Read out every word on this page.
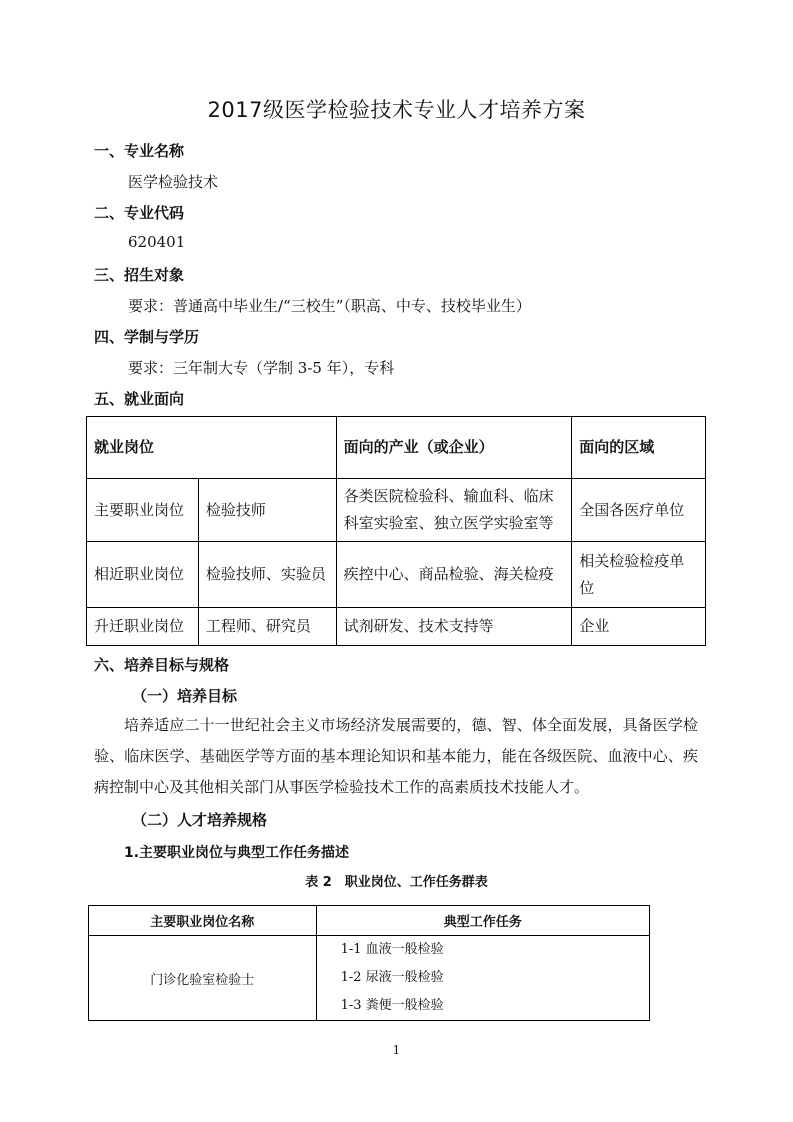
2017级医学检验技术专业人才培养方案
一、专业名称
医学检验技术
二、专业代码
620401
三、招生对象
要求：普通高中毕业生/“三校生”（职高、中专、技校毕业生）
四、学制与学历
要求：三年制大专（学制 3-5 年），专科
五、就业面向
就业岗位		面向的产业（或企业）	面向的区域
主要职业岗位	检验技师	各类医院检验科、输血科、临床科室实验室、独立医学实验室等	全国各医疗单位
相近职业岗位	检验技师、实验员	疾控中心、商品检验、海关检疫	相关检验检疫单位
升迁职业岗位	工程师、研究员	试剂研发、技术支持等	企业
六、培养目标与规格
（一）培养目标
培养适应二十一世纪社会主义市场经济发展需要的，德、智、体全面发展，具备医学检验、临床医学、基础医学等方面的基本理论知识和基本能力，能在各级医院、血液中心、疾病控制中心及其他相关部门从事医学检验技术工作的高素质技术技能人才。
（二）人才培养规格
1.主要职业岗位与典型工作任务描述
表 2　职业岗位、工作任务群表
主要职业岗位名称	典型工作任务
门诊化验室检验士	1-1 血液一般检验
1-2 尿液一般检验
1-3 粪便一般检验
1
